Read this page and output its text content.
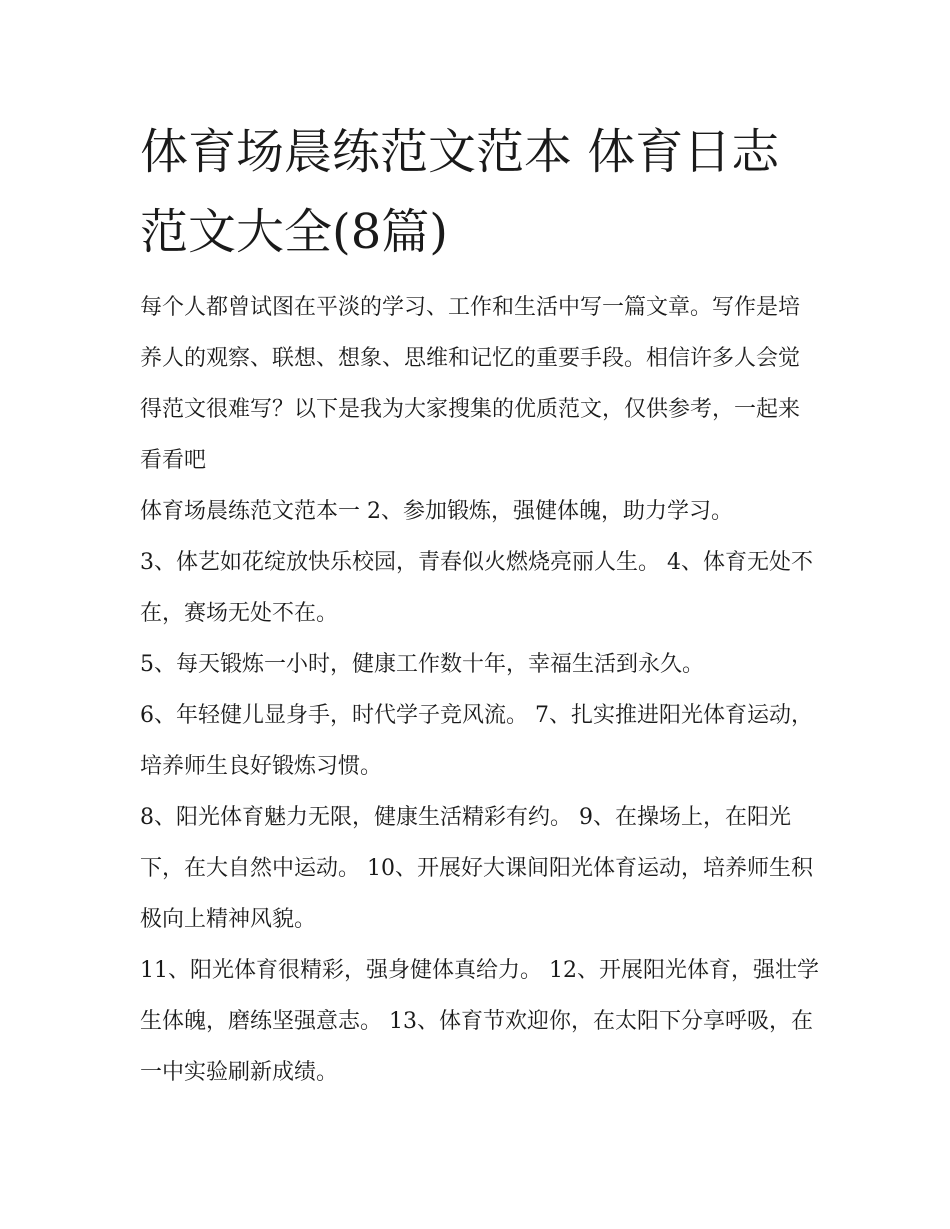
体育场晨练范文范本 体育日志范文大全(8篇)

每个人都曾试图在平淡的学习、工作和生活中写一篇文章。写作是培养人的观察、联想、想象、思维和记忆的重要手段。相信许多人会觉得范文很难写？以下是我为大家搜集的优质范文，仅供参考，一起来看看吧

体育场晨练范文范本一 2、参加锻炼，强健体魄，助力学习。

3、体艺如花绽放快乐校园，青春似火燃烧亮丽人生。 4、体育无处不在，赛场无处不在。

5、每天锻炼一小时，健康工作数十年，幸福生活到永久。

6、年轻健儿显身手，时代学子竞风流。 7、扎实推进阳光体育运动，培养师生良好锻炼习惯。

8、阳光体育魅力无限，健康生活精彩有约。 9、在操场上，在阳光下，在大自然中运动。 10、开展好大课间阳光体育运动，培养师生积极向上精神风貌。

11、阳光体育很精彩，强身健体真给力。 12、开展阳光体育，强壮学生体魄，磨练坚强意志。 13、体育节欢迎你，在太阳下分享呼吸，在一中实验刷新成绩。
